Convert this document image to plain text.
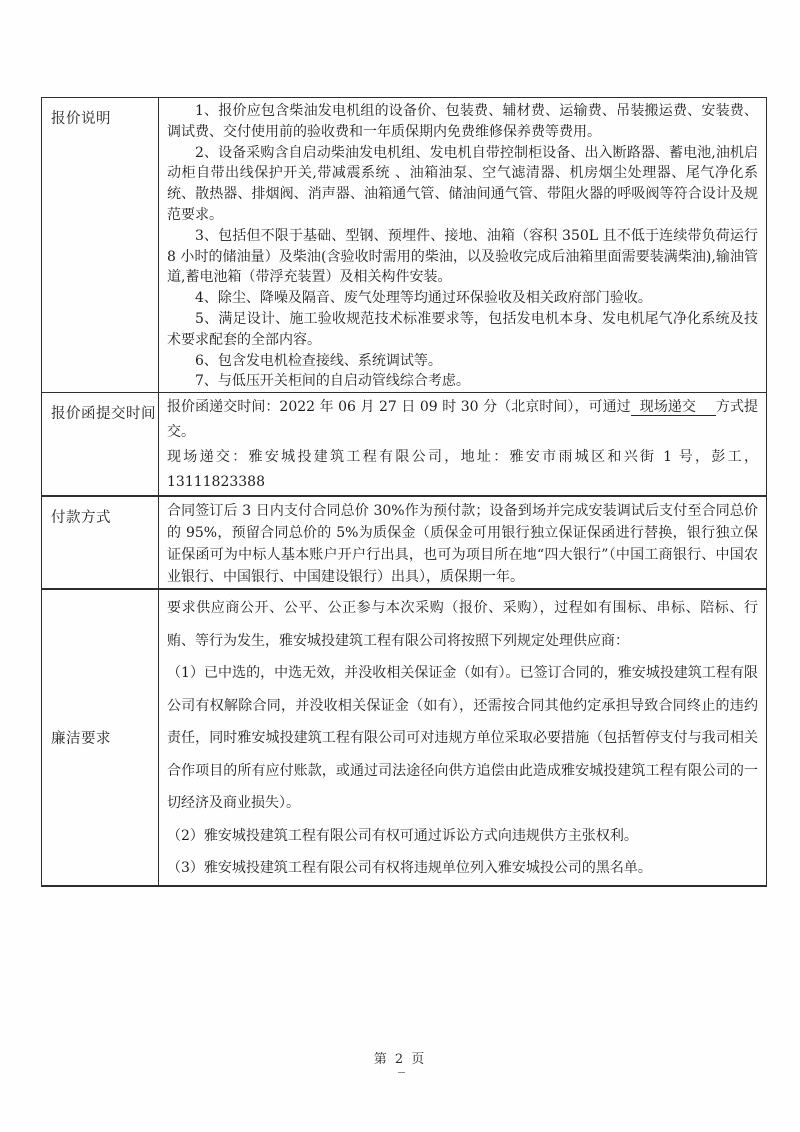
报价说明	1、报价应包含柴油发电机组的设备价、包装费、辅材费、运输费、吊装搬运费、安装费、调试费、交付使用前的验收费和一年质保期内免费维修保养费等费用。

2、设备采购含自启动柴油发电机组、发电机自带控制柜设备、出入断路器、蓄电池,油机启动柜自带出线保护开关,带减震系统 、油箱油泵、空气滤清器、机房烟尘处理器、尾气净化系统、散热器、排烟阀、消声器、油箱通气管、储油间通气管、带阻火器的呼吸阀等符合设计及规范要求。

3、包括但不限于基础、型钢、预埋件、接地、油箱（容积 350L 且不低于连续带负荷运行 8 小时的储油量）及柴油(含验收时需用的柴油，以及验收完成后油箱里面需要装满柴油),输油管道,蓄电池箱（带浮充装置）及相关构件安装。

4、除尘、降噪及隔音、废气处理等均通过环保验收及相关政府部门验收。

5、满足设计、施工验收规范技术标准要求等，包括发电机本身、发电机尾气净化系统及技术要求配套的全部内容。

6、包含发电机检查接线、系统调试等。

7、与低压开关柜间的自启动管线综合考虑。

报价函提交时间	报价函递交时间：2022 年 06 月 27 日 09 时 30 分（北京时间），可通过 现场递交 方式提交。

现场递交：雅安城投建筑工程有限公司，地址：雅安市雨城区和兴街 1 号，彭工，13111823388

付款方式	合同签订后 3 日内支付合同总价 30%作为预付款；设备到场并完成安装调试后支付至合同总价的 95%，预留合同总价的 5%为质保金（质保金可用银行独立保证保函进行替换，银行独立保证保函可为中标人基本账户开户行出具，也可为项目所在地“四大银行”（中国工商银行、中国农业银行、中国银行、中国建设银行）出具），质保期一年。

廉洁要求	要求供应商公开、公平、公正参与本次采购（报价、采购），过程如有围标、串标、陪标、行贿、等行为发生，雅安城投建筑工程有限公司将按照下列规定处理供应商：

（1）已中选的，中选无效，并没收相关保证金（如有）。已签订合同的，雅安城投建筑工程有限公司有权解除合同，并没收相关保证金（如有），还需按合同其他约定承担导致合同终止的违约责任，同时雅安城投建筑工程有限公司可对违规方单位采取必要措施（包括暂停支付与我司相关合作项目的所有应付账款，或通过司法途径向供方追偿由此造成雅安城投建筑工程有限公司的一切经济及商业损失）。

（2）雅安城投建筑工程有限公司有权可通过诉讼方式向违规供方主张权利。

（3）雅安城投建筑工程有限公司有权将违规单位列入雅安城投公司的黑名单。

第 2 页
